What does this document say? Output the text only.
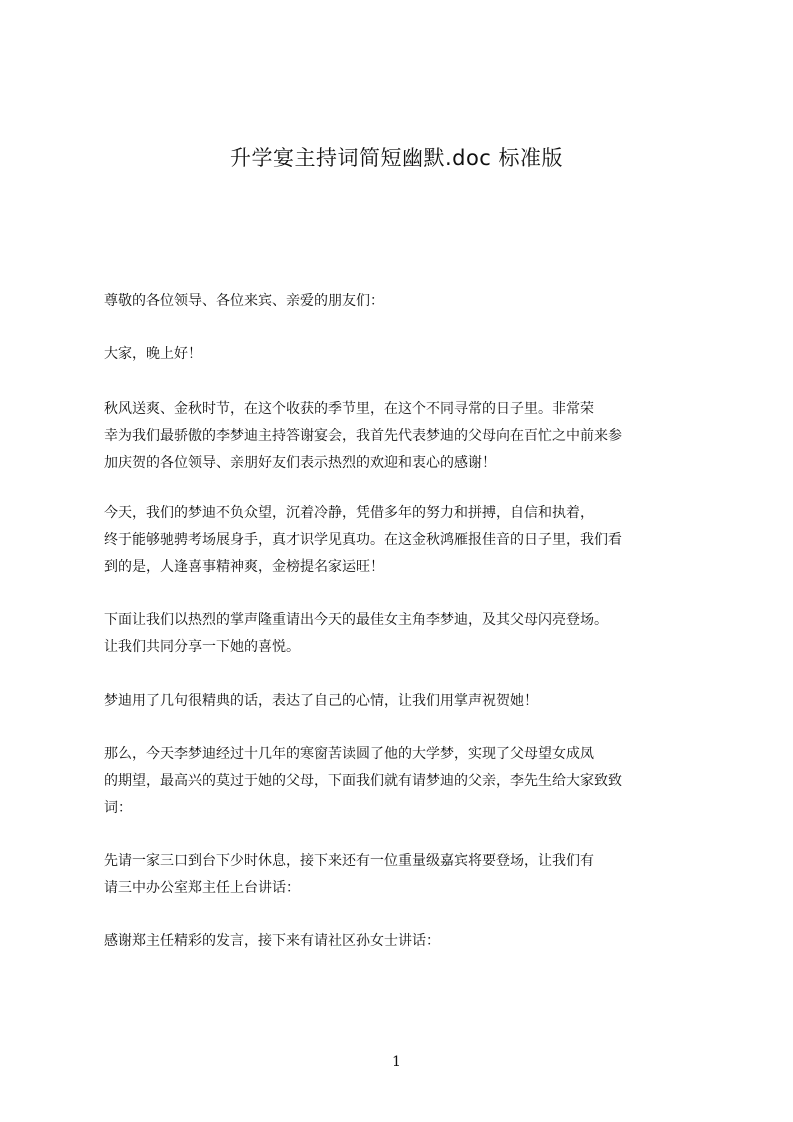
升学宴主持词简短幽默.doc 标准版
尊敬的各位领导、各位来宾、亲爱的朋友们：
大家，晚上好！
秋风送爽、金秋时节，在这个收获的季节里，在这个不同寻常的日子里。非常荣
幸为我们最骄傲的李梦迪主持答谢宴会，我首先代表梦迪的父母向在百忙之中前来参
加庆贺的各位领导、亲朋好友们表示热烈的欢迎和衷心的感谢！
今天，我们的梦迪不负众望，沉着冷静，凭借多年的努力和拼搏，自信和执着，
终于能够驰骋考场展身手，真才识学见真功。在这金秋鸿雁报佳音的日子里，我们看
到的是，人逢喜事精神爽，金榜提名家运旺！
下面让我们以热烈的掌声隆重请出今天的最佳女主角李梦迪，及其父母闪亮登场。
让我们共同分享一下她的喜悦。
梦迪用了几句很精典的话，表达了自己的心情，让我们用掌声祝贺她！
那么，今天李梦迪经过十几年的寒窗苦读圆了他的大学梦，实现了父母望女成凤
的期望，最高兴的莫过于她的父母，下面我们就有请梦迪的父亲，李先生给大家致致
词：
先请一家三口到台下少时休息，接下来还有一位重量级嘉宾将要登场，让我们有
请三中办公室郑主任上台讲话：
感谢郑主任精彩的发言，接下来有请社区孙女士讲话：
1
